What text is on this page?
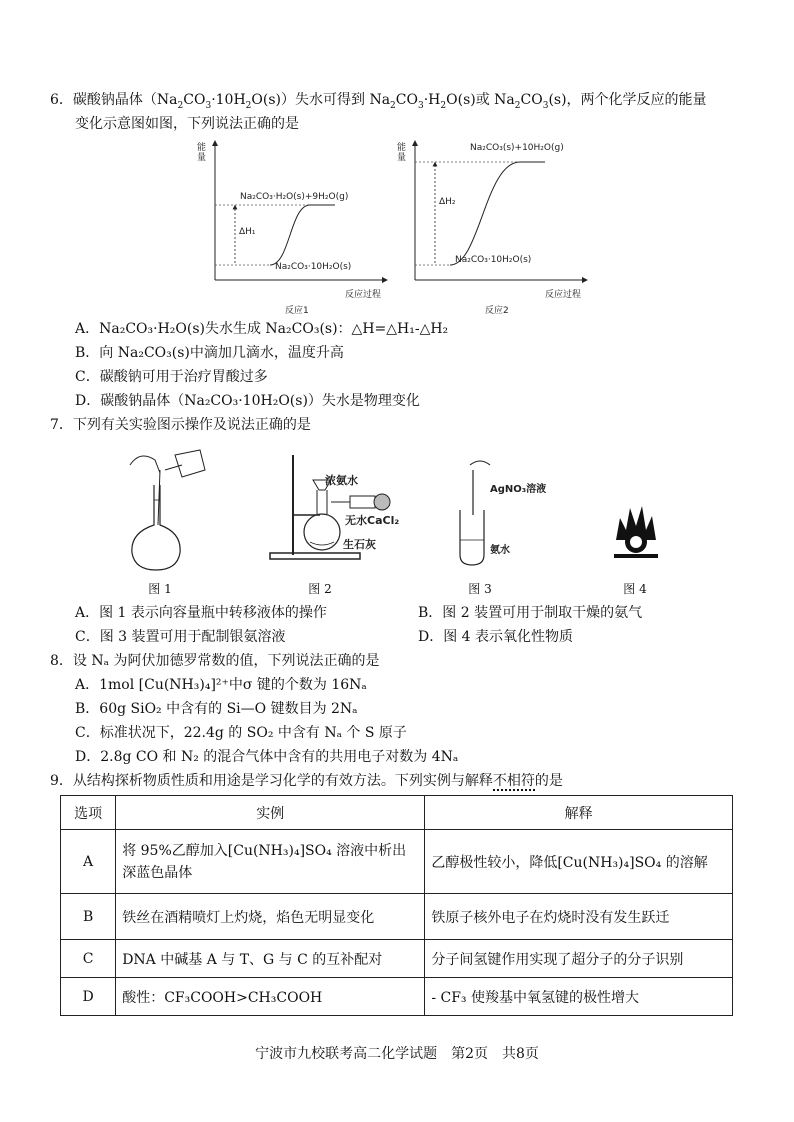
6．碳酸钠晶体$(Na_2CO_3\cdot 10H_2O(s))$失水可得到 $Na_2CO_3\cdot H_2O(s)$或 $Na_2CO_3(s)$，两个化学反应的能量
变化示意图如图，下列说法正确的是
能量
反应过程
Na₂CO₃·H₂O(s)+9H₂O(g)
Na₂CO₃·10H₂O(s)
ΔH₁
反应1
能量
反应过程
Na₂CO₃(s)+10H₂O(g)
Na₂CO₃·10H₂O(s)
ΔH₂
反应2
A．Na₂CO₃·H₂O(s)失水生成 Na₂CO₃(s)：△H=△H₁-△H₂
B．向 Na₂CO₃(s)中滴加几滴水，温度升高
C．碳酸钠可用于治疗胃酸过多
D．碳酸钠晶体（Na₂CO₃·10H₂O(s)）失水是物理变化
7．下列有关实验图示操作及说法正确的是
浓氨水
无水CaCl₂
生石灰
AgNO₃溶液
氨水
图 1	图 2	图 3	图 4
A．图 1 表示向容量瓶中转移液体的操作	B．图 2 装置可用于制取干燥的氨气
C．图 3 装置可用于配制银氨溶液	D．图 4 表示氧化性物质
8．设 Nₐ 为阿伏加德罗常数的值，下列说法正确的是
A．1mol [Cu(NH₃)₄]²⁺中σ 键的个数为 16Nₐ
B．60g SiO₂ 中含有的 Si—O 键数目为 2Nₐ
C．标准状况下，22.4g 的 SO₂ 中含有 Nₐ 个 S 原子
D．2.8g CO 和 N₂ 的混合气体中含有的共用电子对数为 4Nₐ
9．从结构探析物质性质和用途是学习化学的有效方法。下列实例与解释不相符的是
选项	实例	解释
A	将 95%乙醇加入[Cu(NH₃)₄]SO₄ 溶液中析出深蓝色晶体	乙醇极性较小，降低[Cu(NH₃)₄]SO₄ 的溶解
B	铁丝在酒精喷灯上灼烧，焰色无明显变化	铁原子核外电子在灼烧时没有发生跃迁
C	DNA 中碱基 A 与 T、G 与 C 的互补配对	分子间氢键作用实现了超分子的分子识别
D	酸性：CF₃COOH>CH₃COOH	- CF₃ 使羧基中氧氢键的极性增大
宁波市九校联考高二化学试题　第2页　共8页
